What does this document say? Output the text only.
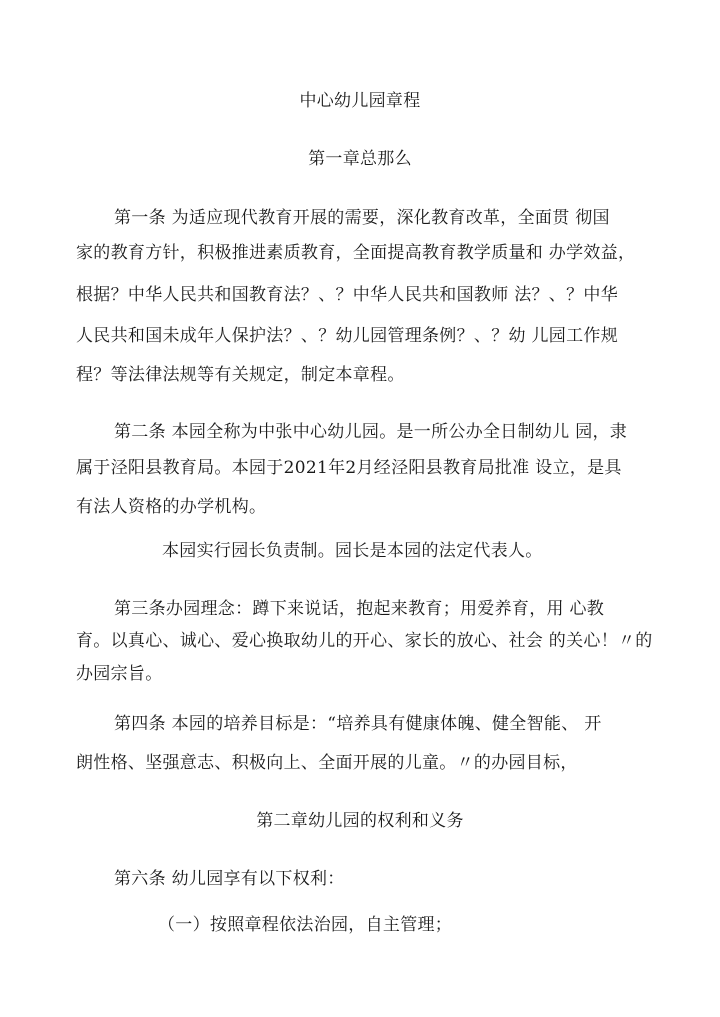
中心幼儿园章程
第一章总那么
第一条 为适应现代教育开展的需要，深化教育改革，全面贯 彻国
家的教育方针，积极推进素质教育，全面提高教育教学质量和 办学效益，
根据？中华人民共和国教育法？、？中华人民共和国教师 法？、？中华
人民共和国未成年人保护法？、？幼儿园管理条例？、？幼 儿园工作规
程？等法律法规等有关规定，制定本章程。
第二条 本园全称为中张中心幼儿园。是一所公办全日制幼儿 园，隶
属于泾阳县教育局。本园于2021年2月经泾阳县教育局批准 设立，是具
有法人资格的办学机构。
本园实行园长负责制。园长是本园的法定代表人。
第三条办园理念：蹲下来说话，抱起来教育；用爱养育，用 心教
育。以真心、诚心、爱心换取幼儿的开心、家长的放心、社会 的关心！〃的
办园宗旨。
第四条 本园的培养目标是：“培养具有健康体魄、健全智能、 开
朗性格、坚强意志、积极向上、全面开展的儿童。〃的办园目标，
第二章幼儿园的权利和义务
第六条 幼儿园享有以下权利：
（一）按照章程依法治园，自主管理；
